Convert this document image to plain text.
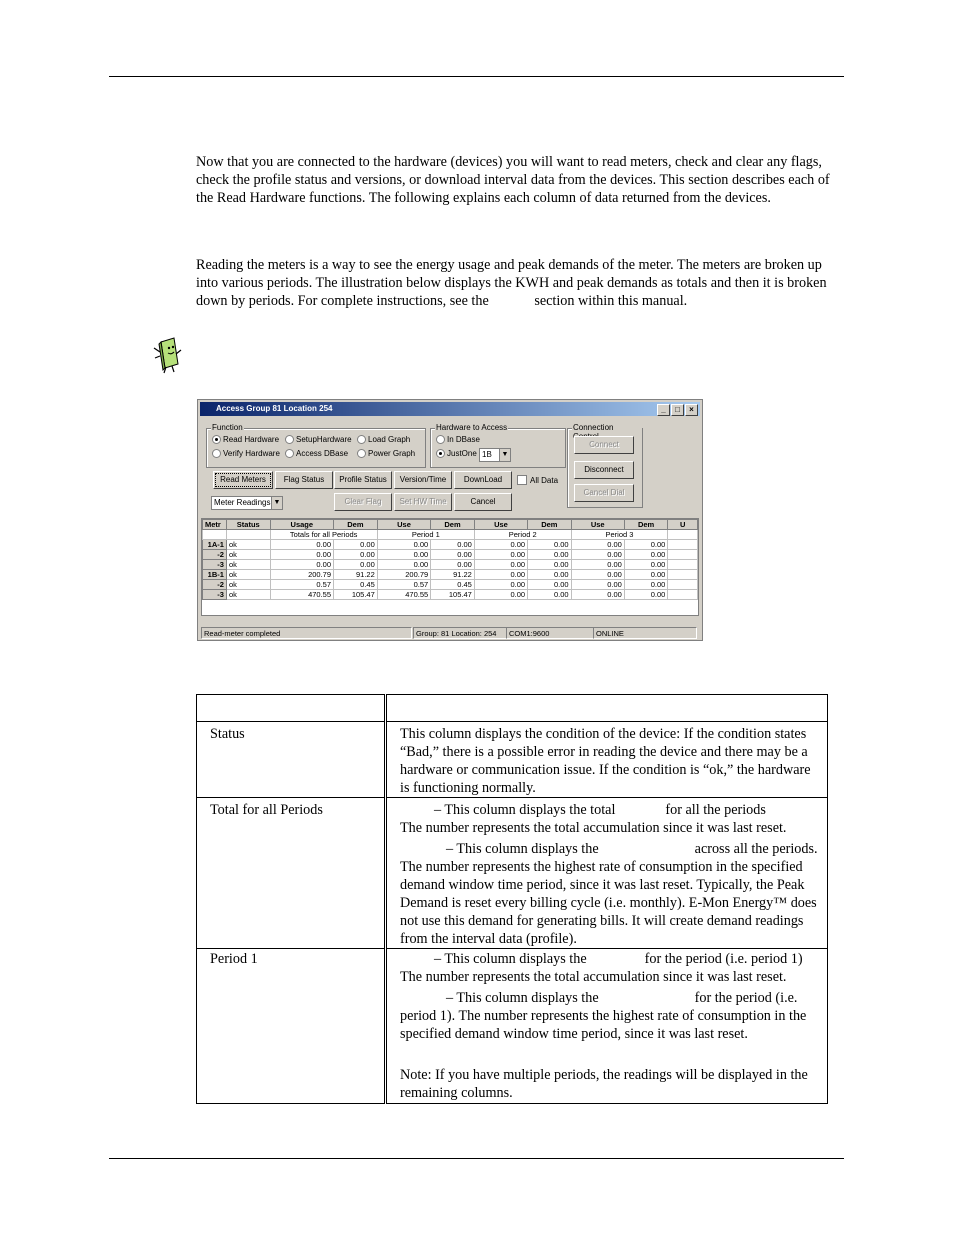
Now that you are connected to the hardware (devices) you will want to read meters, check and clear any flags, check the profile status and versions, or download interval data from the devices. This section describes each of the Read Hardware functions. The following explains each column of data returned from the devices.

Reading the meters is a way to see the energy usage and peak demands of the meter. The meters are broken up into various periods. The illustration below displays the KWH and peak demands as totals and then it is broken down by periods. For complete instructions, see the	section within this manual.

Access Group 81 Location 254	_	□	×
Function
Read Hardware SetupHardware Load Graph
Verify Hardware Access DBase Power Graph
Hardware to Access
In DBase
JustOne 1B	▼
Connection
Connect
Disconnect
Cancel Dial
Read Meters	Flag Status	Profile Status	Version/Time	DownLoad	All Data
Meter Readings ▼	Clear Flag	Set HW Time	Cancel
Metr	Status	Usage	Dem	Use	Dem	Use	Dem	Use	Dem	U
		Totals for all Periods		Period 1		Period 2		Period 3		
1A-1	ok	0.00	0.00	0.00	0.00	0.00	0.00	0.00	0.00	
-2	ok	0.00	0.00	0.00	0.00	0.00	0.00	0.00	0.00	
-3	ok	0.00	0.00	0.00	0.00	0.00	0.00	0.00	0.00	
1B-1	ok	200.79	91.22	200.79	91.22	0.00	0.00	0.00	0.00	
-2	ok	0.57	0.45	0.57	0.45	0.00	0.00	0.00	0.00	
-3	ok	470.55	105.47	470.55	105.47	0.00	0.00	0.00	0.00	
Read-meter completed	Group: 81 Location: 254	COM1:9600	ONLINE

Status	This column displays the condition of the device: If the condition states “Bad,” there is a possible error in reading the device and there may be a hardware or communication issue. If the condition is “ok,” the hardware is functioning normally.

Total for all Periods	– This column displays the total for all the periods
The number represents the total accumulation since it was last reset.

– This column displays the across all the periods. The number represents the highest rate of consumption in the specified demand window time period, since it was last reset. Typically, the Peak Demand is reset every billing cycle (i.e. monthly). E-Mon Energy™ does not use this demand for generating bills. It will create demand readings from the interval data (profile).

Period 1	– This column displays the for the period (i.e. period 1) The number represents the total accumulation since it was last reset.

– This column displays the for the period (i.e. period 1). The number represents the highest rate of consumption in the specified demand window time period, since it was last reset.

Note: If you have multiple periods, the readings will be displayed in the remaining columns.
